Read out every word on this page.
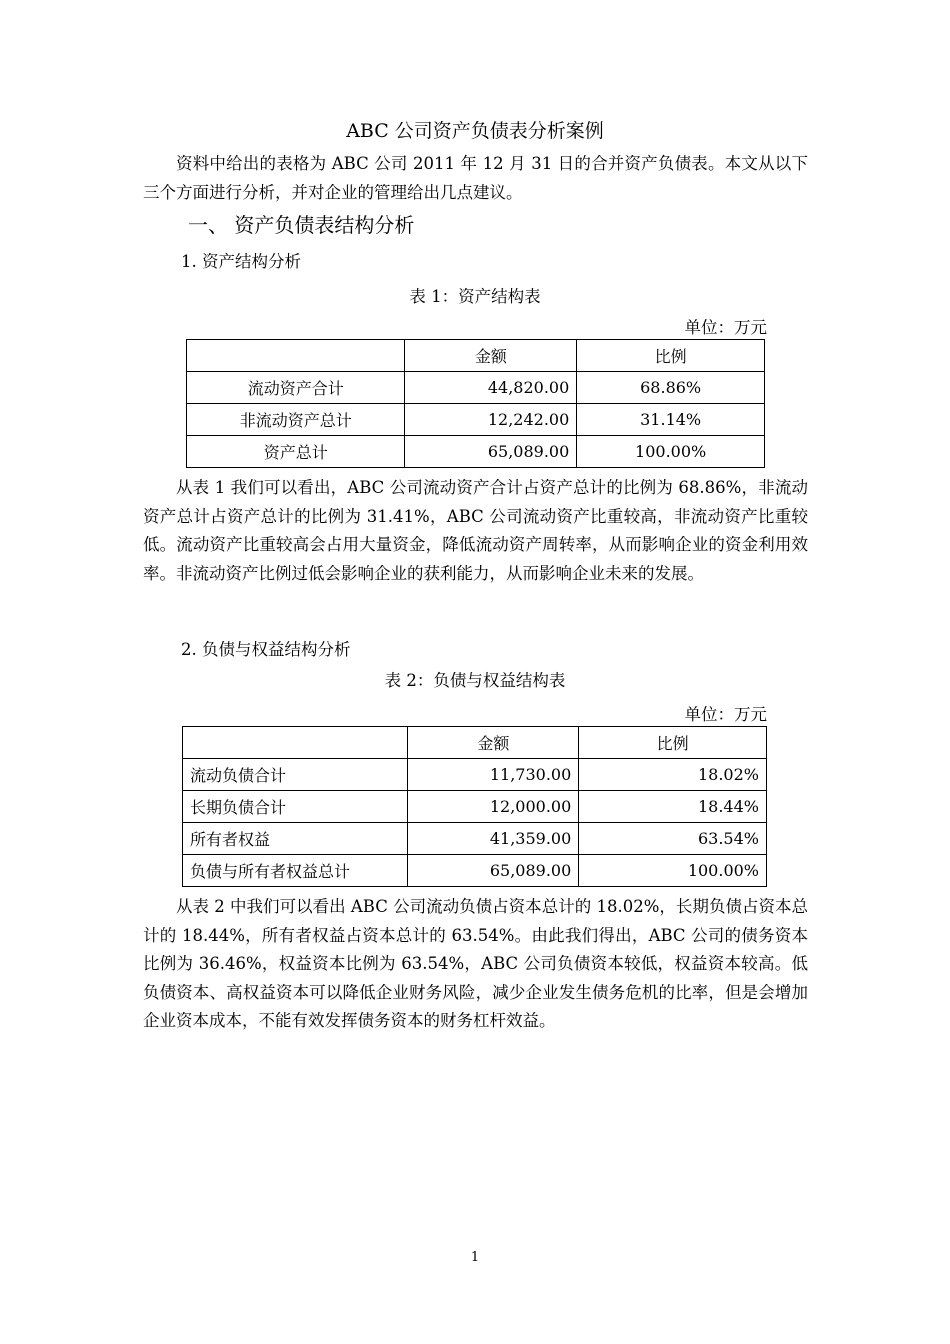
ABC 公司资产负债表分析案例

资料中给出的表格为 ABC 公司 2011 年 12 月 31 日的合并资产负债表。本文从以下三个方面进行分析，并对企业的管理给出几点建议。

一、 资产负债表结构分析
1. 资产结构分析
表 1：资产结构表
单位：万元
	金额	比例
流动资产合计	44,820.00	68.86%
非流动资产总计	12,242.00	31.14%
资产总计	65,089.00	100.00%

从表 1 我们可以看出，ABC 公司流动资产合计占资产总计的比例为 68.86%，非流动资产总计占资产总计的比例为 31.41%，ABC 公司流动资产比重较高，非流动资产比重较低。流动资产比重较高会占用大量资金，降低流动资产周转率，从而影响企业的资金利用效率。非流动资产比例过低会影响企业的获利能力，从而影响企业未来的发展。

2. 负债与权益结构分析
表 2：负债与权益结构表
单位：万元
	金额	比例
流动负债合计	11,730.00	18.02%
长期负债合计	12,000.00	18.44%
所有者权益	41,359.00	63.54%
负债与所有者权益总计	65,089.00	100.00%

从表 2 中我们可以看出 ABC 公司流动负债占资本总计的 18.02%，长期负债占资本总计的 18.44%，所有者权益占资本总计的 63.54%。由此我们得出，ABC 公司的债务资本比例为 36.46%，权益资本比例为 63.54%，ABC 公司负债资本较低，权益资本较高。低负债资本、高权益资本可以降低企业财务风险，减少企业发生债务危机的比率，但是会增加企业资本成本，不能有效发挥债务资本的财务杠杆效益。

1
